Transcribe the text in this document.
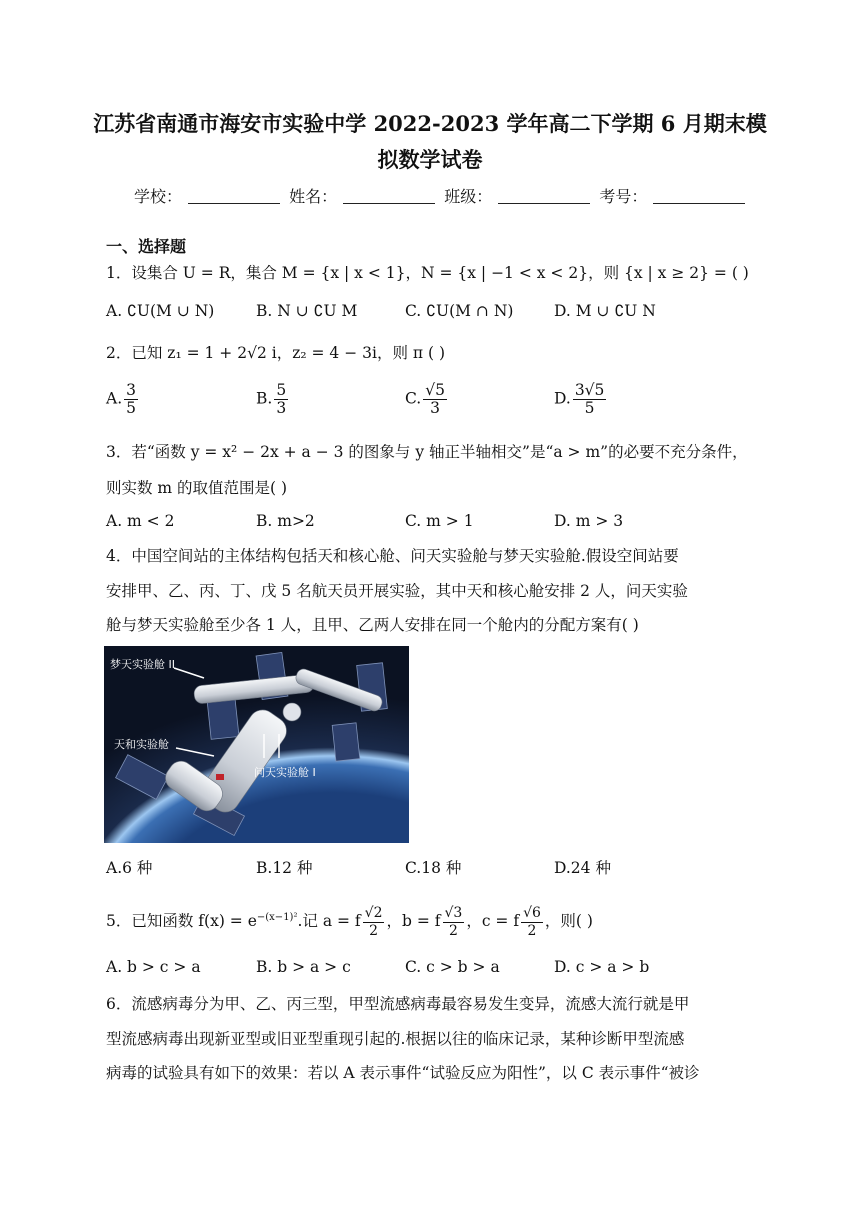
江苏省南通市海安市实验中学 2022-2023 学年高二下学期 6 月期末模
拟数学试卷
学校：	姓名：	班级：	考号：
一、选择题
1．设集合 U = R，集合 M = {x | x < 1}，N = {x | −1 < x < 2}，则 {x | x ≥ 2} = ( )
A. ∁U(M ∪ N)	B. N ∪ ∁U M	C. ∁U(M ∩ N)	D. M ∪ ∁U N
2．已知 z₁ = 1 + 2√2 i，z₂ = 4 − 3i，则 π ( )
A. $\frac{3}{5}$	B. $\frac{5}{3}$	C. $\frac{√5}{3}$	D. $\frac{3√5}{5}$
3．若“函数 y = x² − 2x + a − 3 的图象与 y 轴正半轴相交”是“a > m”的必要不充分条件，
则实数 m 的取值范围是( )
A. m < 2	B. m>2	C. m > 1	D. m > 3
4．中国空间站的主体结构包括天和核心舱、问天实验舱与梦天实验舱.假设空间站要
安排甲、乙、丙、丁、戊 5 名航天员开展实验，其中天和核心舱安排 2 人，问天实验
舱与梦天实验舱至少各 1 人，且甲、乙两人安排在同一个舱内的分配方案有( )
梦天实验舱 II
天和实验舱
问天实验舱 I
A.6 种	B.12 种	C.18 种	D.24 种
5．已知函数 $f(x) = e^{-(x-1)^2}$.记 a = f $\frac{√2}{2}$ ，b = f $\frac{√3}{2}$ ，c = f $\frac{√6}{2}$ ，则( )
A. b > c > a	B. b > a > c	C. c > b > a	D. c > a > b
6．流感病毒分为甲、乙、丙三型，甲型流感病毒最容易发生变异，流感大流行就是甲
型流感病毒出现新亚型或旧亚型重现引起的.根据以往的临床记录，某种诊断甲型流感
病毒的试验具有如下的效果：若以 A 表示事件“试验反应为阳性”，以 C 表示事件“被诊
